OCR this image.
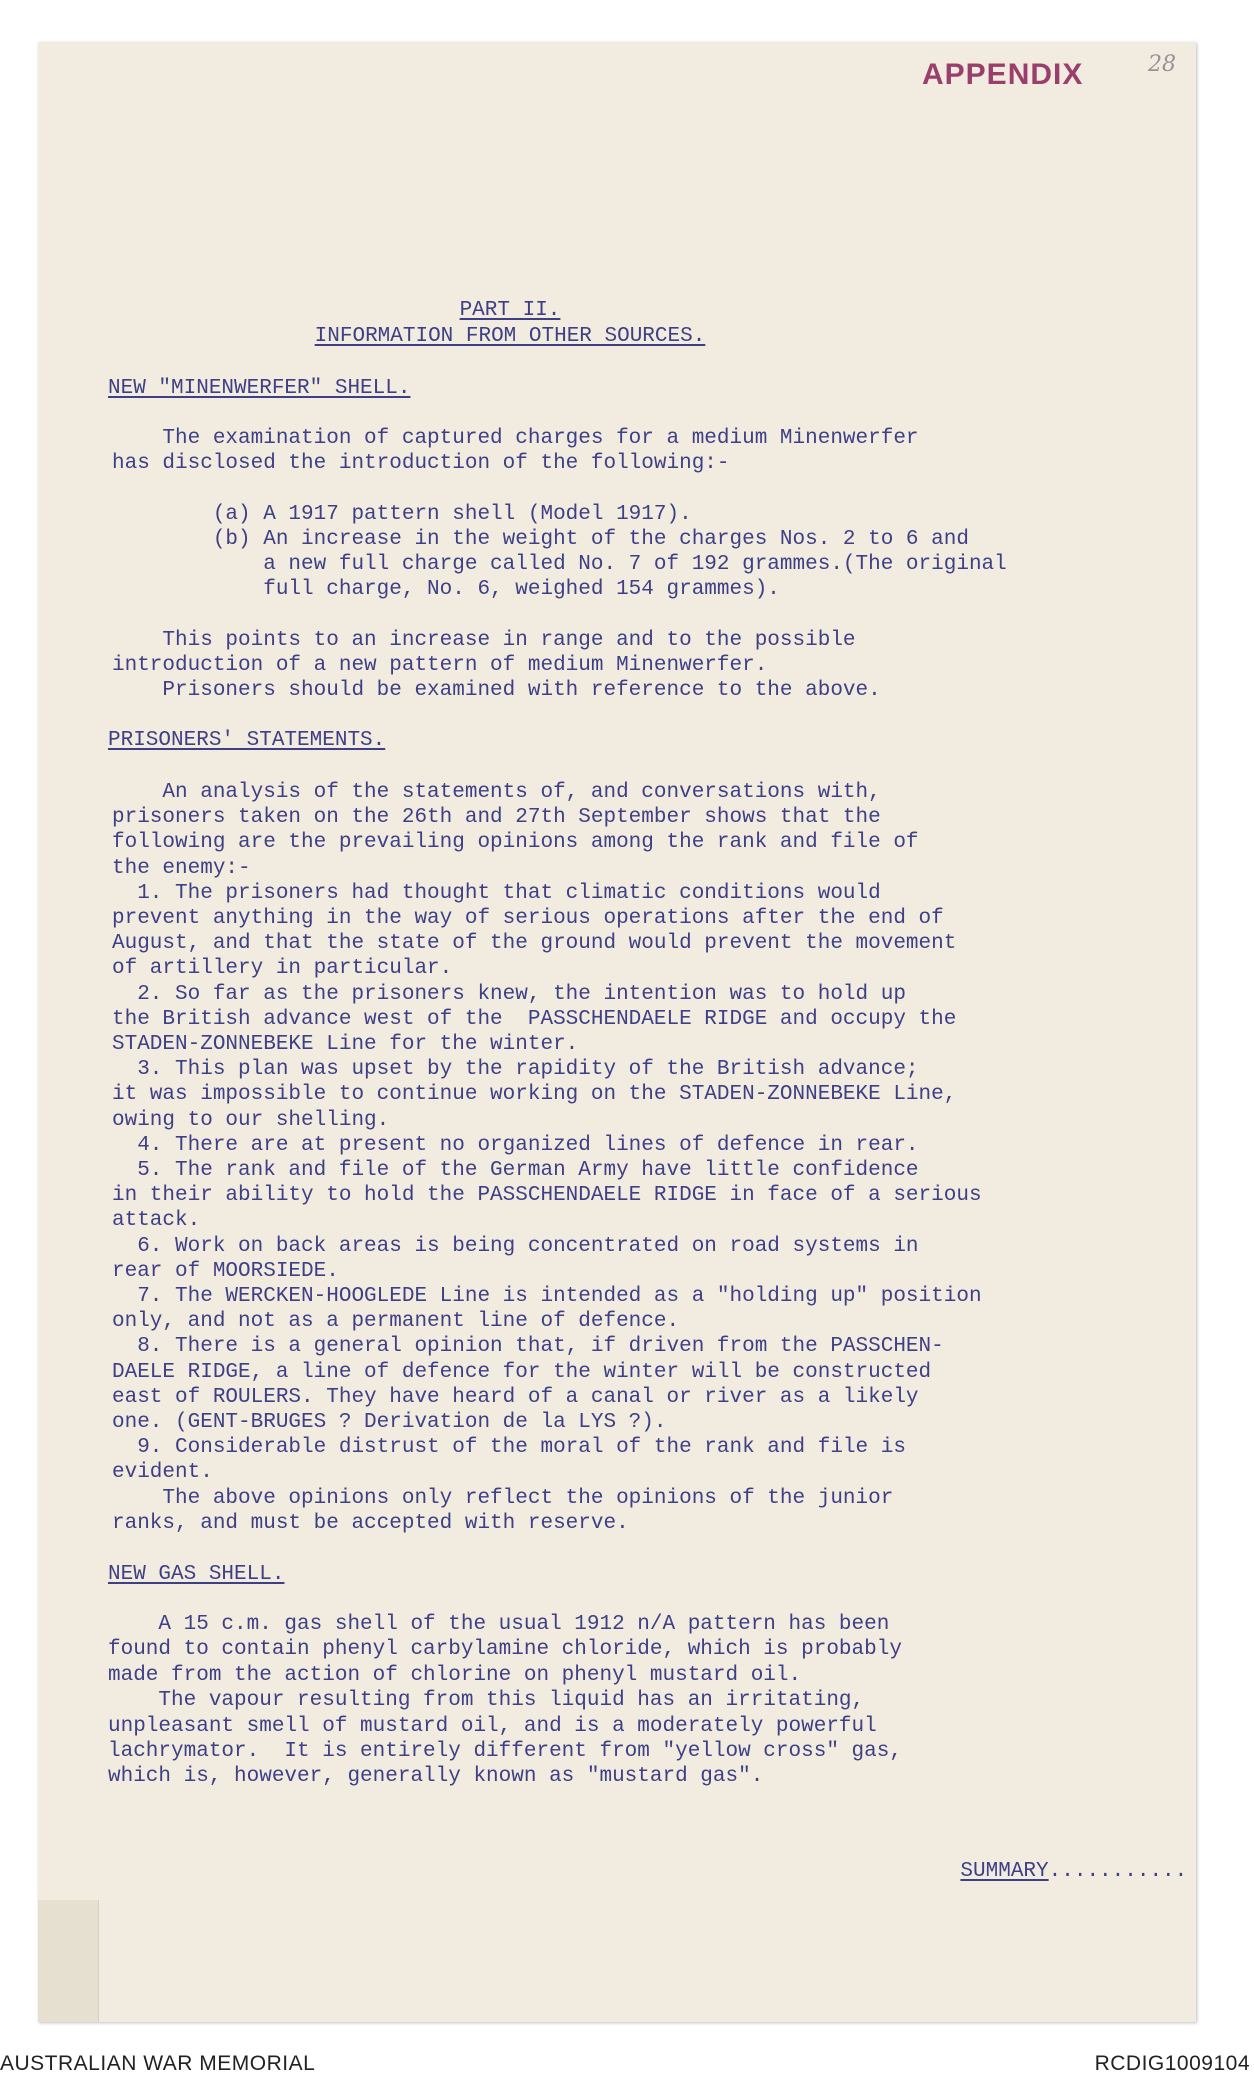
APPENDIX	28
PART II.
INFORMATION FROM OTHER SOURCES.
NEW "MINENWERFER" SHELL.
The examination of captured charges for a medium Minenwerfer
has disclosed the introduction of the following:-
(a) A 1917 pattern shell (Model 1917).
(b) An increase in the weight of the charges Nos. 2 to 6 and
a new full charge called No. 7 of 192 grammes.(The original
full charge, No. 6, weighed 154 grammes).
This points to an increase in range and to the possible
introduction of a new pattern of medium Minenwerfer.
Prisoners should be examined with reference to the above.
PRISONERS' STATEMENTS.
An analysis of the statements of, and conversations with,
prisoners taken on the 26th and 27th September shows that the
following are the prevailing opinions among the rank and file of
the enemy:-
1. The prisoners had thought that climatic conditions would
prevent anything in the way of serious operations after the end of
August, and that the state of the ground would prevent the movement
of artillery in particular.
2. So far as the prisoners knew, the intention was to hold up
the British advance west of the  PASSCHENDAELE RIDGE and occupy the
STADEN-ZONNEBEKE Line for the winter.
3. This plan was upset by the rapidity of the British advance;
it was impossible to continue working on the STADEN-ZONNEBEKE Line,
owing to our shelling.
4. There are at present no organized lines of defence in rear.
5. The rank and file of the German Army have little confidence
in their ability to hold the PASSCHENDAELE RIDGE in face of a serious
attack.
6. Work on back areas is being concentrated on road systems in
rear of MOORSIEDE.
7. The WERCKEN-HOOGLEDE Line is intended as a "holding up" position
only, and not as a permanent line of defence.
8. There is a general opinion that, if driven from the PASSCHEN-
DAELE RIDGE, a line of defence for the winter will be constructed
east of ROULERS. They have heard of a canal or river as a likely
one. (GENT-BRUGES ? Derivation de la LYS ?).
9. Considerable distrust of the moral of the rank and file is
evident.
The above opinions only reflect the opinions of the junior
ranks, and must be accepted with reserve.
NEW GAS SHELL.
A 15 c.m. gas shell of the usual 1912 n/A pattern has been
found to contain phenyl carbylamine chloride, which is probably
made from the action of chlorine on phenyl mustard oil.
The vapour resulting from this liquid has an irritating,
unpleasant smell of mustard oil, and is a moderately powerful
lachrymator.  It is entirely different from "yellow cross" gas,
which is, however, generally known as "mustard gas".

SUMMARY...........

AUSTRALIAN WAR MEMORIAL	RCDIG1009104
